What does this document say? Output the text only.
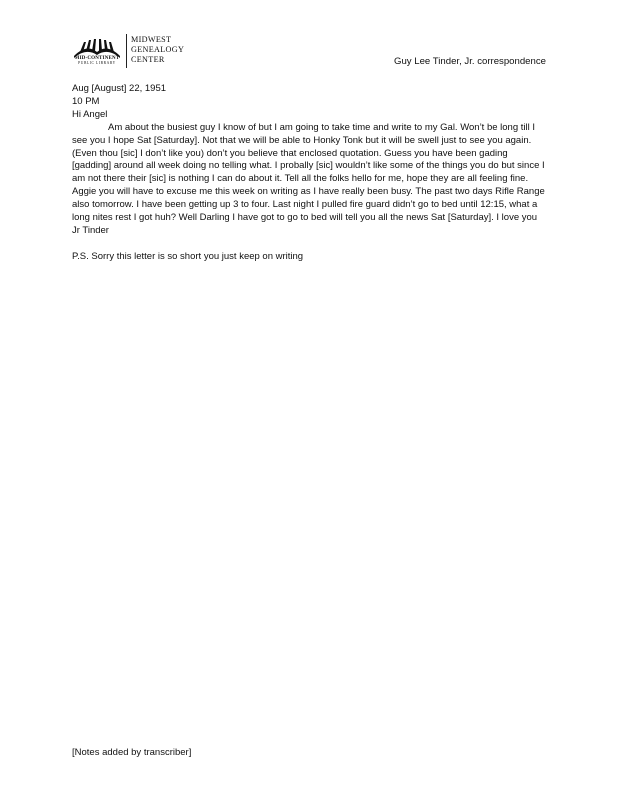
MID-CONTINENT
PUBLIC LIBRARY
MIDWEST
GENEALOGY
CENTER	Guy Lee Tinder, Jr. correspondence

Aug [August] 22, 1951

10 PM

Hi Angel

Am about the busiest guy I know of but I am going to take time and write to my Gal. Won’t be long till I see you I hope Sat [Saturday]. Not that we will be able to Honky Tonk but it will be swell just to see you again. (Even thou [sic] I don’t like you) don’t you believe that enclosed quotation. Guess you have been gading [gadding] around all week doing no telling what. I probally [sic] wouldn’t like some of the things you do but since I am not there their [sic] is nothing I can do about it. Tell all the folks hello for me, hope they are all feeling fine. Aggie you will have to excuse me this week on writing as I have really been busy. The past two days Rifle Range also tomorrow. I have been getting up 3 to four. Last night I pulled fire guard didn’t go to bed until 12:15, what a long nites rest I got huh? Well Darling I have got to go to bed will tell you all the news Sat [Saturday]. I love you

Jr Tinder

P.S. Sorry this letter is so short you just keep on writing

[Notes added by transcriber]
